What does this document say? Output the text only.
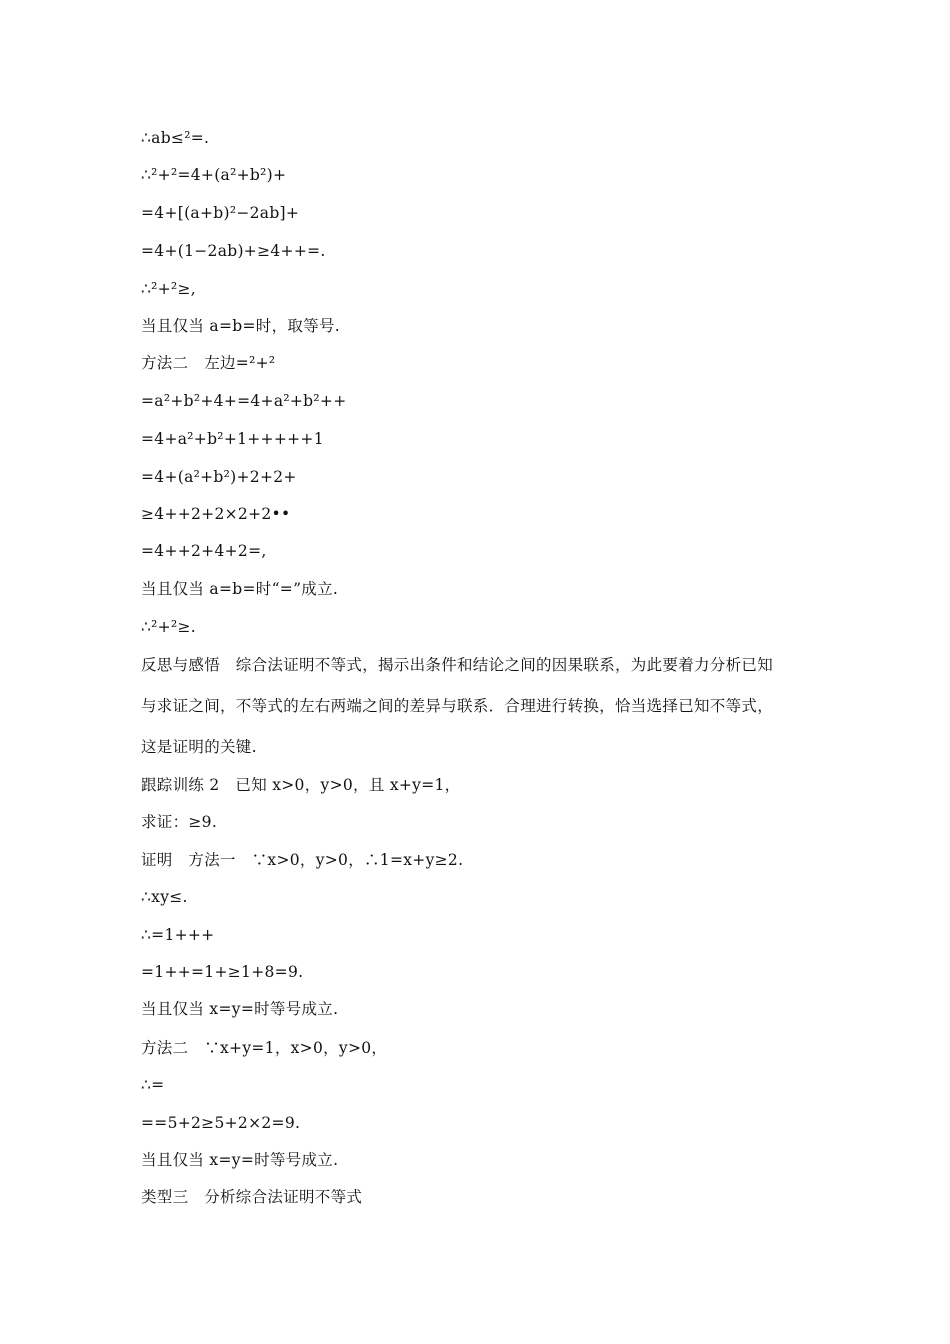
∴ab≤²=.
∴²+²=4+(a²+b²)+
=4+[(a+b)²−2ab]+
=4+(1−2ab)+≥4++=.
∴²+²≥,
当且仅当 a=b=时，取等号.
方法二　左边=²+²
=a²+b²+4+=4+a²+b²++
=4+a²+b²+1+++++1
=4+(a²+b²)+2+2+
≥4++2+2×2+2••
=4++2+4+2=,
当且仅当 a=b=时“=”成立.
∴²+²≥.
反思与感悟　综合法证明不等式，揭示出条件和结论之间的因果联系，为此要着力分析已知
与求证之间，不等式的左右两端之间的差异与联系．合理进行转换，恰当选择已知不等式，
这是证明的关键.
跟踪训练 2　已知 x>0，y>0，且 x+y=1，
求证：≥9.
证明　方法一　∵x>0，y>0，∴1=x+y≥2.
∴xy≤.
∴=1+++
=1++=1+≥1+8=9.
当且仅当 x=y=时等号成立.
方法二　∵x+y=1，x>0，y>0，
∴=
==5+2≥5+2×2=9.
当且仅当 x=y=时等号成立.
类型三　分析综合法证明不等式
